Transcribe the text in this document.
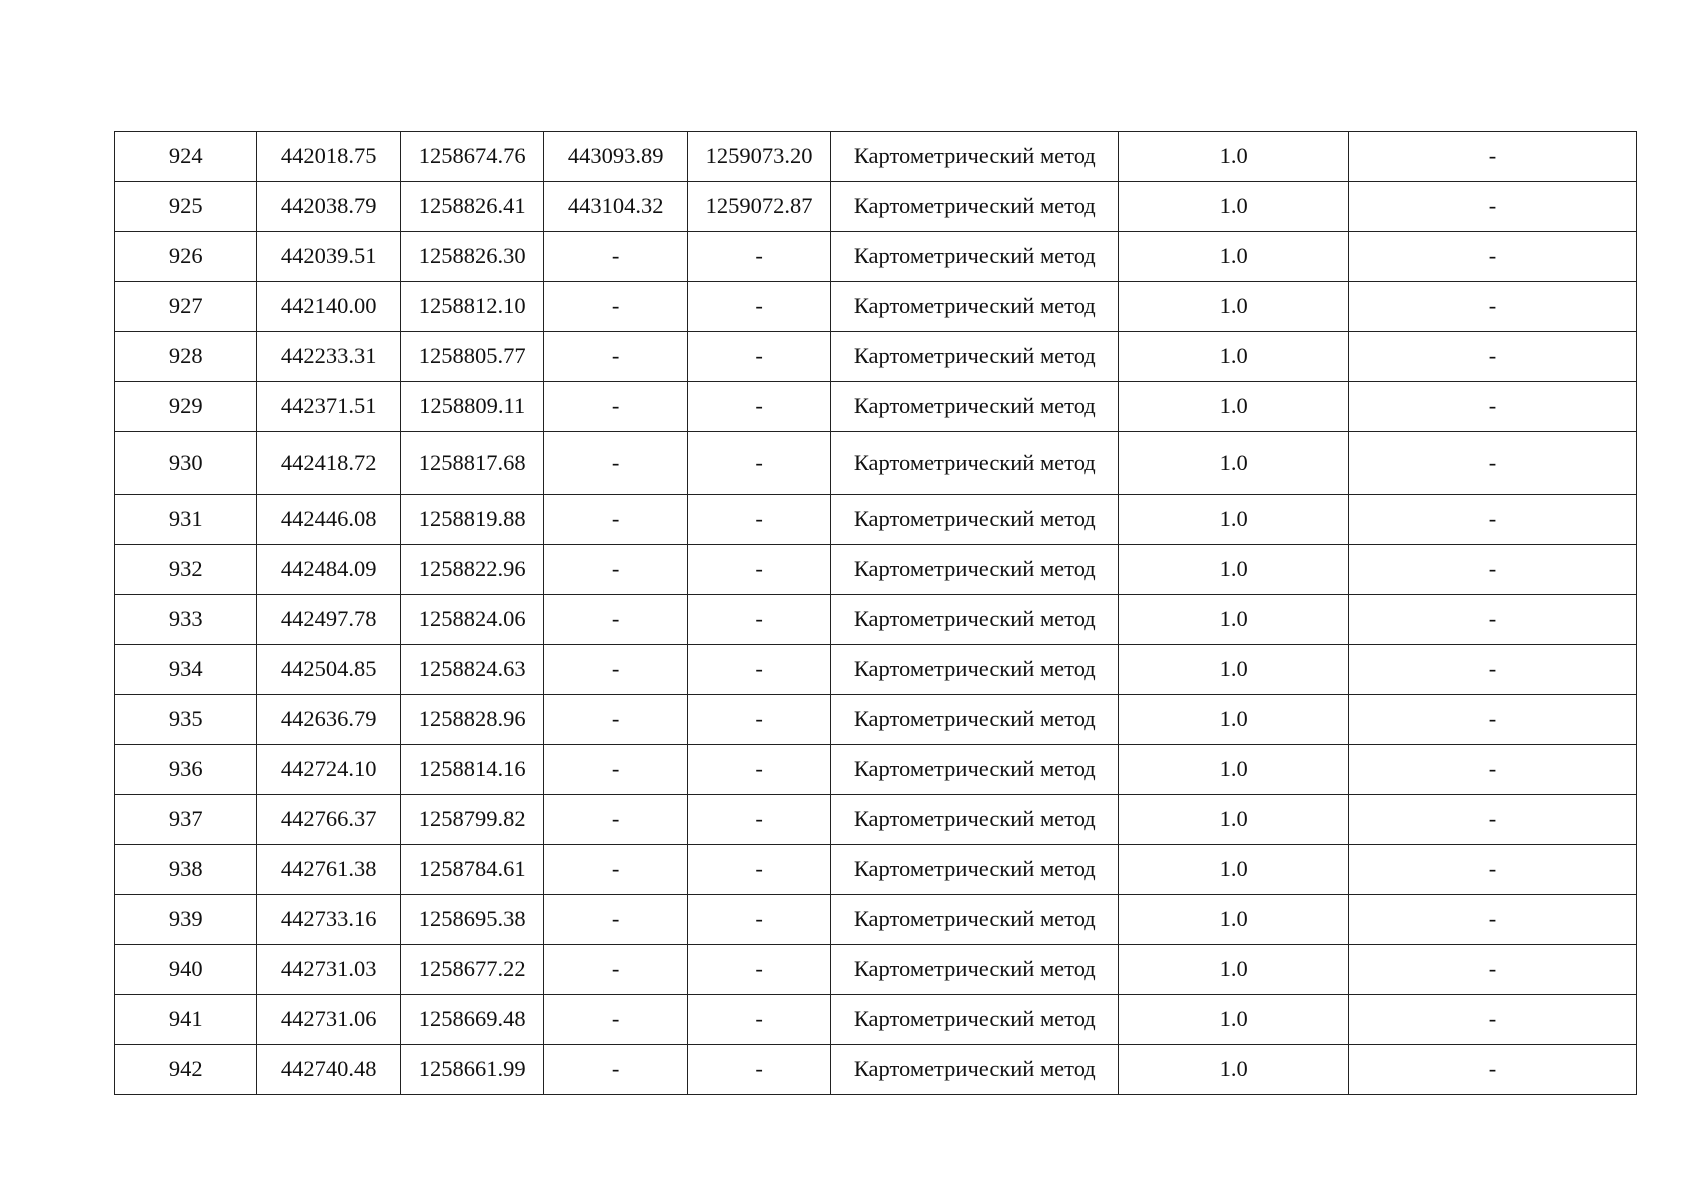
924	442018.75	1258674.76	443093.89	1259073.20	Картометрический метод	1.0	-
925	442038.79	1258826.41	443104.32	1259072.87	Картометрический метод	1.0	-
926	442039.51	1258826.30	-	-	Картометрический метод	1.0	-
927	442140.00	1258812.10	-	-	Картометрический метод	1.0	-
928	442233.31	1258805.77	-	-	Картометрический метод	1.0	-
929	442371.51	1258809.11	-	-	Картометрический метод	1.0	-
930	442418.72	1258817.68	-	-	Картометрический метод	1.0	-
931	442446.08	1258819.88	-	-	Картометрический метод	1.0	-
932	442484.09	1258822.96	-	-	Картометрический метод	1.0	-
933	442497.78	1258824.06	-	-	Картометрический метод	1.0	-
934	442504.85	1258824.63	-	-	Картометрический метод	1.0	-
935	442636.79	1258828.96	-	-	Картометрический метод	1.0	-
936	442724.10	1258814.16	-	-	Картометрический метод	1.0	-
937	442766.37	1258799.82	-	-	Картометрический метод	1.0	-
938	442761.38	1258784.61	-	-	Картометрический метод	1.0	-
939	442733.16	1258695.38	-	-	Картометрический метод	1.0	-
940	442731.03	1258677.22	-	-	Картометрический метод	1.0	-
941	442731.06	1258669.48	-	-	Картометрический метод	1.0	-
942	442740.48	1258661.99	-	-	Картометрический метод	1.0	-
